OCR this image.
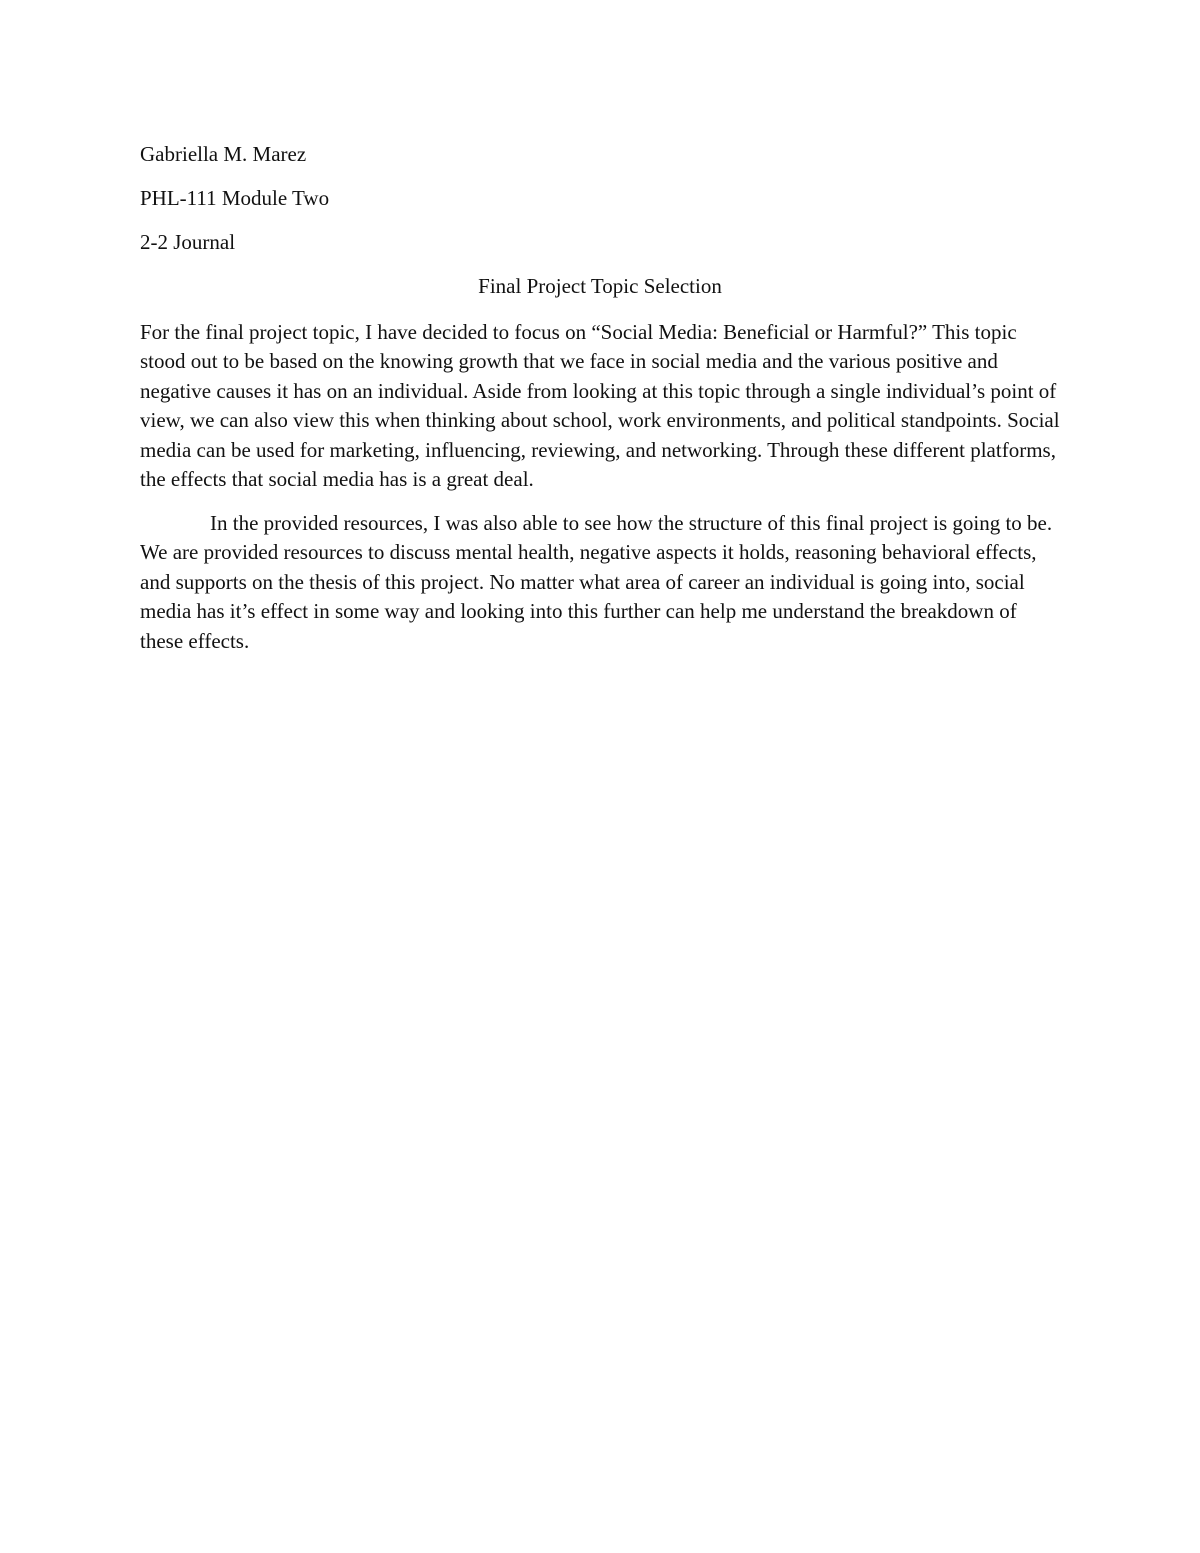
Gabriella M. Marez

PHL-111 Module Two

2-2 Journal

Final Project Topic Selection

For the final project topic, I have decided to focus on “Social Media: Beneficial or Harmful?” This topic stood out to be based on the knowing growth that we face in social media and the various positive and negative causes it has on an individual. Aside from looking at this topic through a single individual’s point of view, we can also view this when thinking about school, work environments, and political standpoints. Social media can be used for marketing, influencing, reviewing, and networking. Through these different platforms, the effects that social media has is a great deal.

In the provided resources, I was also able to see how the structure of this final project is going to be. We are provided resources to discuss mental health, negative aspects it holds, reasoning behavioral effects, and supports on the thesis of this project. No matter what area of career an individual is going into, social media has it’s effect in some way and looking into this further can help me understand the breakdown of these effects.
